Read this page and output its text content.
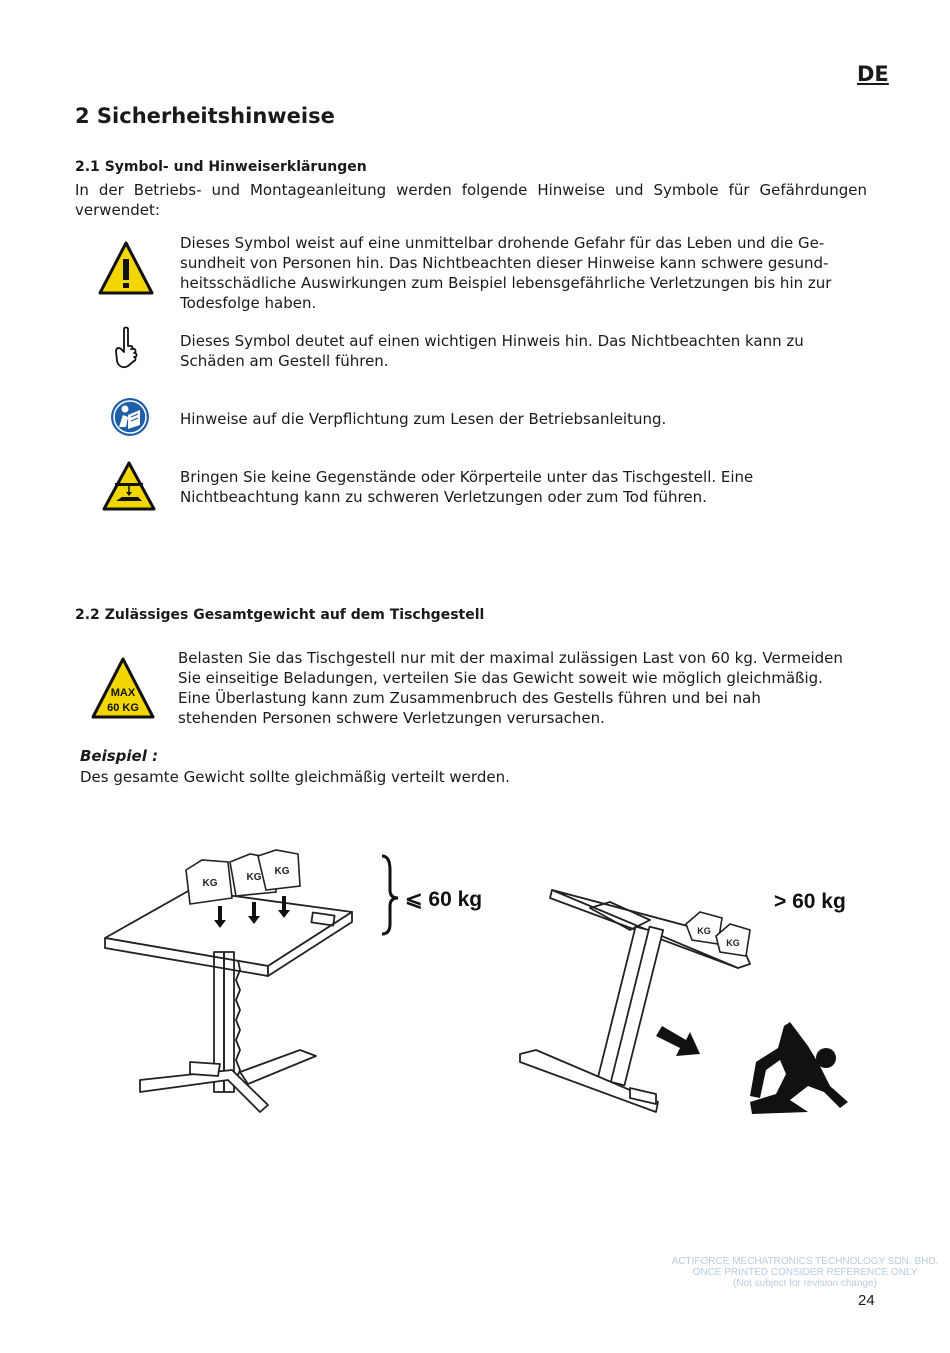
DE
2 Sicherheitshinweise
2.1 Symbol- und Hinweiserklärungen
In der Betriebs- und Montageanleitung werden folgende Hinweise und Symbole für Gefährdungen verwendet:
Dieses Symbol weist auf eine unmittelbar drohende Gefahr für das Leben und die Ge-
sundheit von Personen hin. Das Nichtbeachten dieser Hinweise kann schwere gesund-
heitsschädliche Auswirkungen zum Beispiel lebensgefährliche Verletzungen bis hin zur
Todesfolge haben.
Dieses Symbol deutet auf einen wichtigen Hinweis hin. Das Nichtbeachten kann zu
Schäden am Gestell führen.
Hinweise auf die Verpflichtung zum Lesen der Betriebsanleitung.
Bringen Sie keine Gegenstände oder Körperteile unter das Tischgestell. Eine
Nichtbeachtung kann zu schweren Verletzungen oder zum Tod führen.
2.2 Zulässiges Gesamtgewicht auf dem Tischgestell
MAX
60 KG
Belasten Sie das Tischgestell nur mit der maximal zulässigen Last von 60 kg. Vermeiden
Sie einseitige Beladungen, verteilen Sie das Gewicht soweit wie möglich gleichmäßig.
Eine Überlastung kann zum Zusammenbruch des Gestells führen und bei nah
stehenden Personen schwere Verletzungen verursachen.
Beispiel :
Des gesamte Gewicht sollte gleichmäßig verteilt werden.
KG
KG
KG
⩽ 60 kg
KG
KG
> 60 kg
ACTIFORCE MECHATRONICS TECHNOLOGY SDN. BHD.
ONCE PRINTED CONSIDER REFERENCE ONLY
(Not subject for revision change)
24
